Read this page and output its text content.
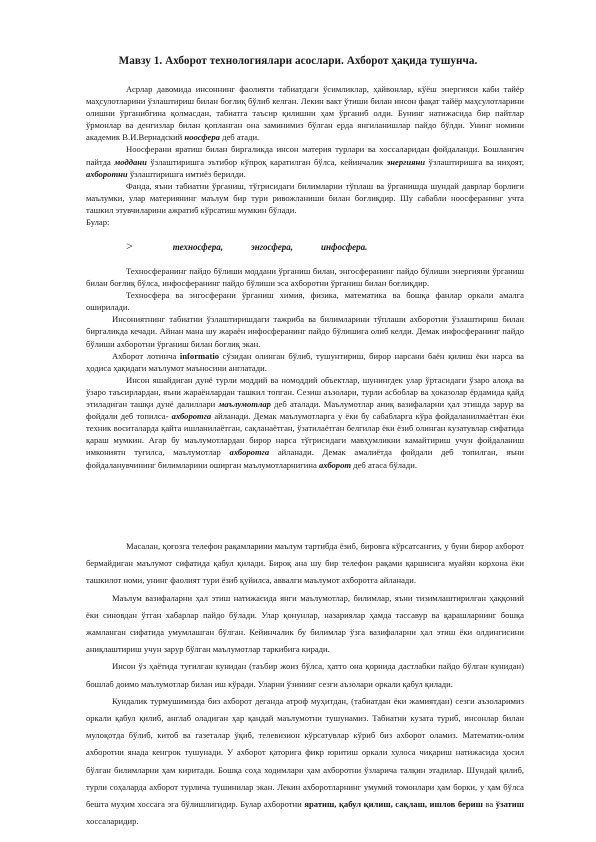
Мавзу 1. Ахборот технологиялари асослари. Ахборот ҳақида тушунча.

Асрлар давомида инсоннинг фаолияти табиатдаги ўсимликлар, ҳайвонлар, кўёш энергияси каби тайёр маҳсулотларини ўзлаштириш билан боғлиқ бўлиб келган. Лекин вакт ўтиши билан инсон фақат тайёр маҳсулотларини олишни ўрганибгина қолмасдан, табиатга таъсир қилишни ҳам ўрганиб олди. Бунинг натижасида бир пайтлар ўрмонлар ва денгизлар билан қопланган она заминимиз бўлган ерда янгиланишлар пайдо бўлди. Унинг номини академик В.И.Вернадский ноосфера деб атади.

Ноосферани яратиш билан биргаликда инсон материя турлари ва хоссаларидан фойдаланди. Бошлангич пайтда моддани ўзлаштиришга эътибор кўпроқ каратилган бўлса, кейинчалик энергияни ўзлаштиришга ва ниҳоят, ахборотни ўзлаштиришга имтиёз берилди.

Фанда, яъни табиатни ўрганиш, тўгрисидаги билимларни тўплаш ва ўрганишда шундай даврлар борлиги маълумки, улар материянинг маълум бир тури ривожланиши билан боғлиқдир. Шу сабабли ноосферанинг учта ташкил этувчиларини ажратиб кўрсатиш мумкин бўлади.

Булар:

>	техносфера,	энгосфера,	инфосфера.

Техносферанинг пайдо бўлиши моддани ўрганиш билан, энгосферанинг пайдо бўлиши энергияни ўрганиш билан боғлиқ бўлса, инфосферанинг пайдо бўлиши эса ахборотни ўрганиш билан боғлиқдир.

Техносфера ва энгосферани ўрганиш химия, физика, математика ва бошқа фанлар оркали амалга оширилади.

Инсониятнинг табиатни ўзлаштиришдаги тажриба ва билимларини тўплаши ахборотни ўзлаштириш билан биргаликда кечади. Айнан мана шу жараён инфосферанинг пайдо бўлишига олиб келди. Демак инфосферанинг пайдо бўлиши ахборотни ўрганиш билан боғлиқ экан.

Ахборот лотинча informatio сўзидан олинган бўлиб, тушунтириш, бирор нарсани баён қилиш ёки нарса ва ҳодиса ҳақидаги маълумот маъносини англатади.

Инсон яшайдиган дунё турли моддий ва номоддий объектлар, шунингдек улар ўртасидаги ўзаро алоқа ва ўзаро таъсирлардан, яъни жараёнлардан ташкил топган. Сезиш аъзолари, турли асбоблар ва ҳоказолар ёрдамида қайд этиладиган ташқи дунё далиллари маълумотлар деб аталади. Маълумотлар аниқ вазифаларни ҳал этишда зарур ва фойдали деб топилса- ахборотга айланади. Демак маълумотларга у ёки бу сабабларга кўра фойдаланилмаётган ёки техник воситаларда қайта ишланилаётган, сақланаётган, ўзатилаётган белгилар ёки ёзиб олинган кузатувлар сифатида қараш мумкин. Агар бу маълумотлардан бирор нарса тўгрисидаги мавҳумликни камайтириш учун фойдаланиш имкониятн туғилса, маълумотлар ахборотга айланади. Демак амалиётда фойдали деб топилган, яъни фойдаланувчининг билимларини оширган маълумотларнигина ахборот деб атаса бўлади.

Масалан, қоғозга телефон рақамларини маълум тартибда ёзиб, бировга кўрсатсангиз, у буни бирор ахборот бермайдиган маълумот сифатида қабул қилади. Бироқ ана шу бир телефон рақами қаршисига муайян корхона ёки ташкилот номи, унинг фаолият тури ёзиб қуйилса, аввалги маълумот ахборотга айланади.

Маълум вазифаларни ҳал этиш натижасида янги маълумотлар, билимлар, яъни тизимлаштирилган ҳаққоний ёки синовдан ўтган хабарлар пайдо бўлади. Улар қонунлар, назариялар ҳамда тассавур ва қарашларнинг бошқа жамланган сифатида умумлашган бўлган. Кейинчалик бу билимлар ўзга вазифаларни ҳал этиш ёки олдингисини аниқлаштириш учун зарур бўлган маълумотлар таркибига киради.

Инсон ўз ҳаётида туғилган кунидан (таъбир жоиз бўлса, ҳатто она қорнида дастлабки пайдо бўлган кунидан) бошлаб доимо маълумотлар билан иш кўради. Уларни ўзининг сезги аъзолари оркали қабул қилади.

Кундалик турмушимизда биз ахборот деганда атроф муҳитдан, (табиатдан ёки жамиятдан) сезги аъзоларимиз оркали қабул қилиб, англаб оладиган ҳар қандай маълумотни тушунамиз. Табиатни кузата туриб, инсонлар билан мулоқотда бўлиб, китоб ва газеталар ўқиб, телевизион кўрсатувлар кўриб биз ахборот оламиз. Математик-олим ахборотни янада кенгрок тушунади. У ахборот қаторига фикр юритиш оркали хулоса чиқариш натижасида ҳосил бўлган билимларни ҳам киритади. Бошқа соҳа ходимлари ҳам ахборотни ўзларича талқин этадилар. Шундай қилиб, турли соҳаларда ахборот турлича тушинилар экан. Лекин ахборотларнинг умумий томонлари ҳам борки, у ҳам бўлса бешта муҳим хоссага эга бўлишлигидир. Булар ахборотни яратиш, қабул қилиш, сақлаш, ишлов бериш ва ўзатиш хоссаларидир.
